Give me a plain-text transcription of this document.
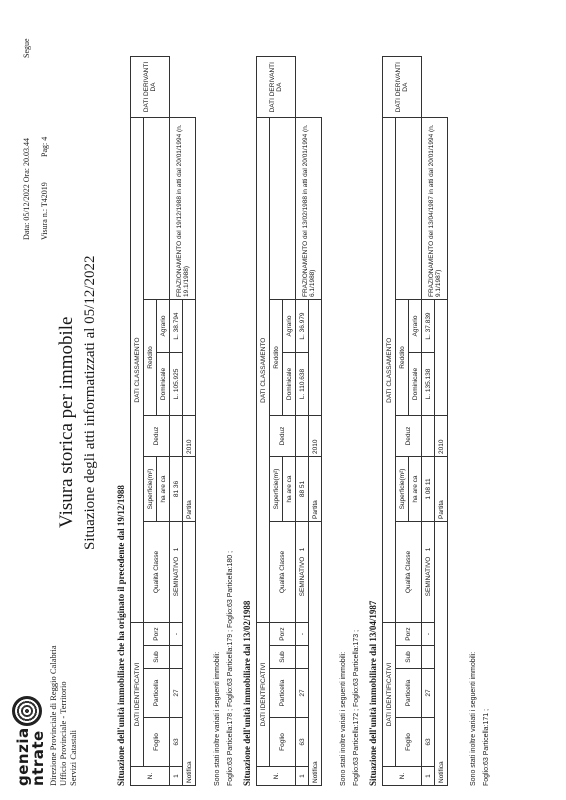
genzia
ntrate Direzione Provinciale di Reggio Calabria Ufficio Provinciale - Territorio Servizi Catastali
Data: 05/12/2022 Ora: 20.03.44
Segue
Visura n.: T42019
Pag: 4
Visura storica per immobile Situazione degli atti informatizzati al 05/12/2022
Situazione dell'unità immobiliare che ha originato il precedente dal 19/12/1988	N.	DATI IDENTIFICATIVI				DATI CLASSAMENTO						DATI DERIVANTI DA
	Foglio	Particella	Sub	Porz	Qualità Classe	Superficie(m²)	Deduz	Reddito			
						ha are ca		Dominicale	Agrario		
1	63	27		-	SEMINATIVO   1	81 36		L. 105.925	L. 38.794	FRAZIONAMENTO del 19/12/1988 in atti dal 20/01/1994 (n. 19.1/1988)	
Notifica						Partita	2010				
Sono stati inoltre variati i seguenti immobili: Foglio:63 Particella:178 ; Foglio:63 Particella:179 ; Foglio:63 Particella:180 ; Situazione dell'unità immobiliare dal 13/02/1988	N.	DATI IDENTIFICATIVI				DATI CLASSAMENTO						DATI DERIVANTI DA
	Foglio	Particella	Sub	Porz	Qualità Classe	Superficie(m²)	Deduz	Reddito			
						ha are ca		Dominicale	Agrario		
1	63	27		-	SEMINATIVO   1	88 51		L. 110.638	L. 36.979	FRAZIONAMENTO del 13/02/1988 in atti dal 20/01/1994 (n. 6.1/1988)	
Notifica						Partita	2010				
Sono stati inoltre variati i seguenti immobili: Foglio:63 Particella:172 ; Foglio:63 Particella:173 ; Situazione dell'unità immobiliare dal 13/04/1987	N.	DATI IDENTIFICATIVI				DATI CLASSAMENTO						DATI DERIVANTI DA
	Foglio	Particella	Sub	Porz	Qualità Classe	Superficie(m²)	Deduz	Reddito			
						ha are ca		Dominicale	Agrario		
1	63	27		-	SEMINATIVO   1	1 08 11		L. 135.138	L. 37.839	FRAZIONAMENTO del 13/04/1987 in atti dal 20/01/1994 (n. 9.1/1987)	
Notifica						Partita	2010				
Sono stati inoltre variati i seguenti immobili: Foglio:63 Particella:171 ;
